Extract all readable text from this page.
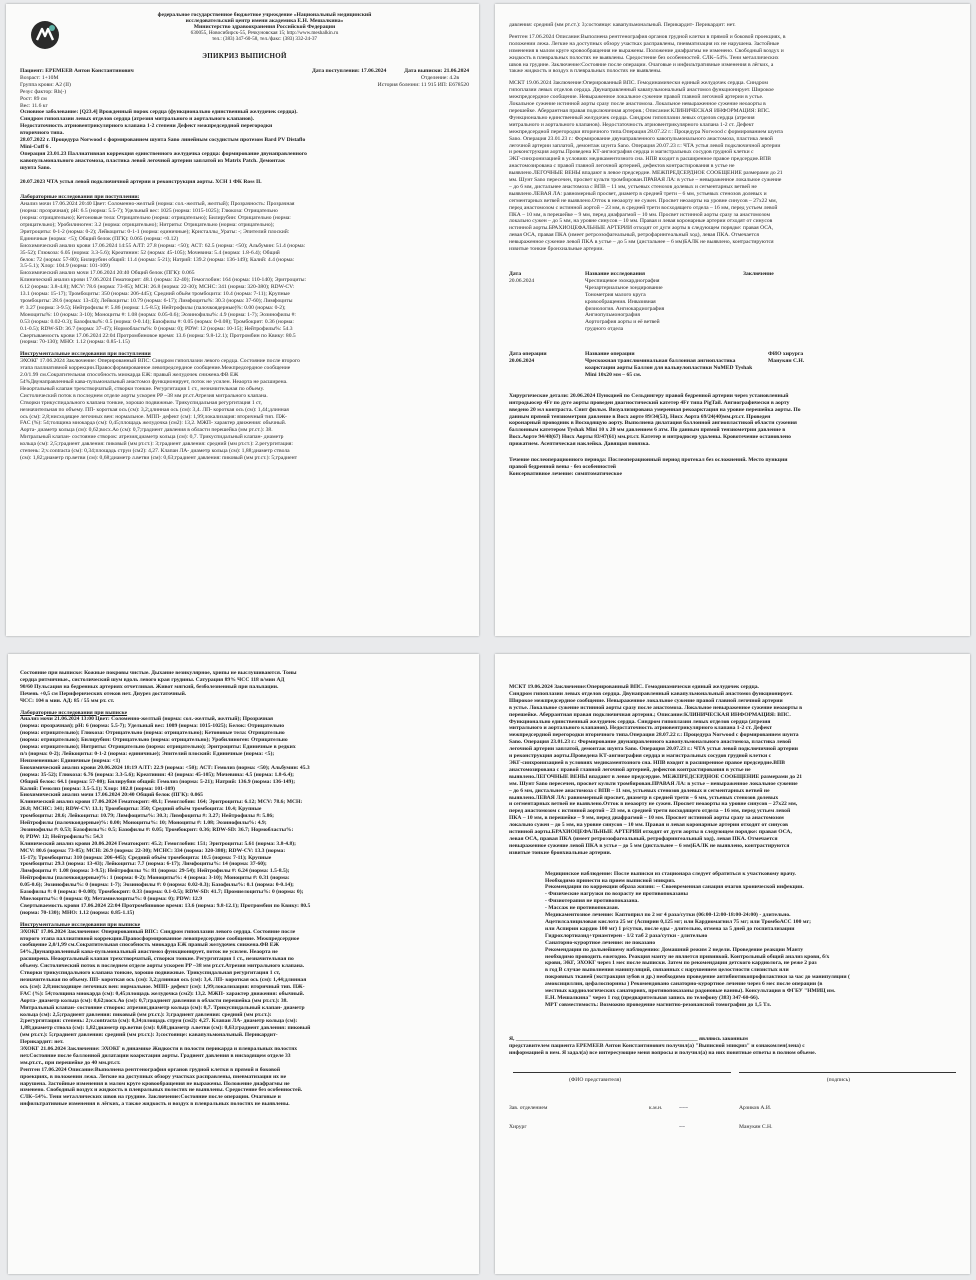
федеральное государственное бюджетное учреждение «Национальный медицинский
исследовательский центр имени академика Е.Н. Мешалкина»
Министерство здравоохранения Российской Федерации
630055, Новосибирск-55, Речкуновская 15; http://www.meshalkin.ru
тел.: (383) 347-60-58, тел./факс: (383) 332-24-37
ЭПИКРИЗ ВЫПИСНОЙ
Пациент: ЕРЕМЕЕВ Антон Константинович	Дата поступления: 17.06.2024	Дата выписки: 21.06.2024
Возраст: 1+10М	Отделение: 4.2в
Группа крови: A2 (II)	История болезни: 11 915 ИП: Е678520
Резус фактор: Rh(-)
Рост: 89 см
Вес: 11.6 кг
Основное заболевание: [Q23.4] Врожденный порок сердца (функционально единственный желудочек сердца).
Синдром гипоплазии левых отделов сердца (атрезия митрального и аортального клапанов).
Недостаточность атриовентрикулярного клапана 1-2 степени Дефект межпредсердной перегородки
вторичного типа.
28.07.2022 г. Процедура Norwood с формированием шунта Sano линейным сосудистым протезом Bard PV Distaflo
Mini-Cuff 6 .
Операция 23.01.23 Паллиативная коррекция единственного желудочка сердца: формирование двунаправленного
кавопульмонального анастомоза, пластика левой легочной артерии заплатой из Matrix Patch. Демонтаж
шунта Sano.

20.07.2023 ЧТА устья левой подключичной артерии и реконструкция аорты. ХСН 1 ФК Ross II.
Лабораторные исследования при поступлении:
Анализ мочи 17.06.2024 20:40 Цвет: Соломенно-желтый (норма: сол.-желтый, желтый); Прозрачность: Прозрачная
(норма: прозрачная); pH: 6.5 (норма: 5.5-7); Удельный вес: 1025 (норма: 1015-1025); Глюкоза: Отрицательно
(норма: отрицательно); Кетоновые тела: Отрицательно (норма: отрицательно); Билирубин: Отрицательно (норма:
отрицательно); Уробилиноген: 3.2 (норма: отрицательно); Нитриты: Отрицательно (норма: отрицательно);
Эритроциты: 0-1-2 (норма: 0-2); Лейкоциты: 0-1-1 (норма: единичные); Кристаллы_Ураты: -; Эпителий плоский:
Единичные (норма: <5); Общий белок (ПГК): 0.065 (норма: <0.12)
Биохимический анализ крови 17.06.2024 14:55 АЛТ: 27.8 (норма: <50); АСТ: 62.5 (норма: <50); Альбумин: 51.4 (норма:
35-52); Глюкоза: 6.05 (норма: 3.3-5.6); Креатинин: 52 (норма: 45-105); Мочевина: 5.4 (норма: 1.8-6.4); Общий
белок: 72 (норма: 57-80); Билирубин общий: 11.4 (норма: 5-21); Натрий: 139.2 (норма: 136-149); Калий: 4.4 (норма:
3.5-5.1); Хлор: 104.9 (норма: 101-109)
Биохимический анализ мочи 17.06.2024 20:40 Общий белок (ПГК): 0.065
Клинический анализ крови 17.06.2024 Гематокрит: 48.1 (норма: 32-40); Гемоглобин: 164 (норма: 110-140); Эритроциты:
6.12 (норма: 3.8-4.8); MCV: 78.6 (норма: 73-85); MCH: 26.8 (норма: 22-30); MCHC: 341 (норма: 320-380); RDW-CV:
13.1 (норма: 15-17); Тромбоциты: 350 (норма: 206-445); Средний объём тромбоцита: 10.4 (норма: 7-11); Крупные
тромбоциты: 28.6 (норма: 13-43); Лейкоциты: 10.79 (норма: 6-17); Лимфоциты%: 30.3 (норма: 37-60); Лимфоциты
#: 3.27 (норма: 3-9.5); Нейтрофилы #: 5.86 (норма: 1.5-8.5); Нейтрофилы (палочкоядерные)%: 0.00 (норма: 0-2);
Моноциты%: 10 (норма: 3-10); Моноциты #: 1.08 (норма: 0.05-0.6); Эозинофилы%: 4.9 (норма: 1-7); Эозинофилы #:
0.53 (норма: 0.02-0.3); Базофилы%: 0.5 (норма: 0-0.14); Базофилы #: 0.05 (норма: 0-0.08); Тромбокрит: 0.36 (норма:
0.1-0.5); RDW-SD: 36.7 (норма: 37-47); Нормобласты%: 0 (норма: 0); PDW: 12 (норма: 10-15); Нейтрофилы%: 54.3
Свертываемость крови 17.06.2024 22:04 Протромбиновое время: 13.6 (норма: 9.8-12.1); Протромбин по Квику: 80.5
(норма: 70-130); МНО: 1.12 (норма: 0.85-1.15)
Инструментальные исследования при поступлении
ЭХОКГ 17.06.2024 Заключение: Оперированный ВПС: Синдром гипоплазии левого сердца. Состояние после второго
этапа паллиативной коррекции.Правосформированное левопредсердное сообщение.Межпредсердное сообщение
2.0/1.99 см.Сократительная способность миокарда ЕЖ: правый желудочек снижена.ФВ ЕЖ
54%Двунаправленный кава-пульмональный анастомоз функционирует, поток не усилен. Неаорта не расширена.
Неаортальный клапан трехстворчатый, створки тонкие. Регургитация 1 ст., незначительная по объему.
Систолический поток в последнем отделе аорты ускорен PP ~38 мм рт.ст.Атрезия митрального клапана.
Створки трикуспидального клапана тонкие, хорошо подвижные. Трикуспидальная регургитация 1 ст,
незначительная по объему. ПП- короткая ось (см): 3,2;длинная ось (см): 3,4. ЛП- короткая ось (см): 1,44;длинная
ось (см): 2,8;нисходящее легочных вен: нормальное. МПП- дефект (см): 1,99;локализация: вторичный тип. ПЖ-
FAC (%): 54;толщина миокарда (см): 0,45;площадь желудочка (см2): 13,2. МЖП- характер движения: обычный.
Аорта- диаметр кольца (см): 0,62;восх.Ао (см): 0,7;градиент давления в области перешейка (мм рт.ст.): 38.
Митральный клапан- состояние створок: атрезия;диаметр кольца (см): 0,7. Трикуспидальный клапан- диаметр
кольца (см): 2,5;градиент давления: пиковый (мм рт.ст.): 3;градиент давления: средний (мм рт.ст.): 2.регургитация:
степень: 2;v.contracta (см): 0,34;площадь струи (см2): 4,27. Клапан ЛА- диаметр кольца (см): 1,88;диаметр ствола
(см): 1,82;диаметр пр.ветви (см): 0,68;диаметр л.ветви (см): 0,63;градиент давления: пиковый (мм рт.ст.): 5;градиент
давления: средний (мм рт.ст.): 3;соcтоянце: кавапульмональный. Перикардит- Перикардит: нет.
Рентген 17.06.2024 Описание:Выполнена рентгенография органов грудной клетки в прямой и боковой проекциях, в
положении лежа. Легкие на доступных обзору участках расправлены, пневматизация их не нарушена. Застойные
изменения в малом круге кровообращения не выражены. Положение диафрагмы не изменено. Свободный воздух и
жидкость в плевральных полостях не выявлены. Средостение без особенностей. СЛК~54%. Тени металлических
швов на грудине. Заключение:Состояние после операции. Очаговые и инфильтративные изменения в лёгких, а
также жидкость и воздух в плевральных полостях не выявлены.
МСКТ 19.06.2024 Заключение:Оперированный ВПС. Гемодинамически единый желудочек сердца. Синдром
гипоплазии левых отделов сердца. Двунаправленный кавапульмональный анастомоз функционирует. Широкое
межпредсердное сообщение. Невыраженное локальное сужение правой главной легочной артерии в устье.
Локальное сужение истинной аорты сразу после анастомоза. Локальное невыраженное сужение неоаорты в
перешейке. Аберрантная правая подключичная артерия.; Описание:КЛИНИЧЕСКАЯ ИНФОРМАЦИЯ: ВПС.
Функционально единственный желудочек сердца. Синдром гипоплазии левых отделов сердца (атрезия
митрального и аортального клапанов). Недостаточность атриовентрикулярного клапана 1-2 ст. Дефект
межпредсердной перегородки вторичного типа.Операция 28.07.22 г.: Процедура Norwood с формированием шунта
Sano. Операция 23.01.23 г.: Формирование двунаправленного кавопульмонального анастомоза, пластика левой
легочной артерии заплатой, демонтаж шунта Sano. Операция 20.07.23 г.: ЧТА устья левой подключичной артерии
и реконструкция аорты.Проведена КТ-ангиография сердца и магистральных сосудов грудной клетки с
ЭКГ-синхронизацией в условиях медикаментозного сна. НПВ входит в расширенное правое предсердие.ВПВ
анастомозирована с правой главной легочной артерией, дефектов контрастирования в устье не
выявлено.ЛЕГОЧНЫЕ ВЕНЫ впадают в левое предсердие. МЕЖПРЕДСЕРДНОЕ СООБЩЕНИЕ размерами до 21
мм. Шунт Sano пересечен, просвет культи тромбирован.ПРАВАЯ ЛА: в устье – невыраженное локальное сужение
– до 6 мм, дистальнее анастомоза с ВПВ – 11 мм, устьевых стенозов долевых и сегментарных ветвей не
выявлено.ЛЕВАЯ ЛА: равномерный просвет, диаметр в средней трети – 6 мм, устьевых стенозов долевых и
сегментарных ветвей не выявлено.Отток в неоаорту не сужен. Просвет неоаорты на уровне синусов – 27х22 мм,
перед анастомозом с истинной аортой – 23 мм, в средней трети восходящего отдела – 16 мм, перед устьем левой
ПКА – 10 мм, в перешейке – 9 мм, перед диафрагмой – 10 мм. Просвет истинной аорты сразу за анастомозом
локально сужен – до 5 мм, на уровне синусов – 10 мм. Правая и левая коронарные артерии отходят от синусов
истинной аорты.БРАХИОЦЕФАЛЬНЫЕ АРТЕРИИ отходят от дуги аорты в следующем порядке: правая ОСА,
левая ОСА, правая ПКА (имеет ретроэзофагеальный, ретрофарингеальный ход), левая ПКА. Отмечается
невыраженное сужение левой ПКА в устье – до 5 мм (дистальнее – 6 мм)БАЛК не выявлено, контрастируются
извитые тонкие бронхиальные артерии.
Дата	Название исследования	Заключение
20.06.2024	Чреспищевое эхокардиография
Чрезартериальное зондирование
Тонометрия малого круга
кровообращения. Инвазивная
физиология. Ангиокардиография
Ангиопульмонография
Аортография аорты и её ветвей
грудного отдела
Дата операции	Название операции	ФИО хирурга
20.06.2024	Чрескожная транслюминальная баллонная ангиопластика
коарктации аорты Баллон для вальвулопластики NuMED Tyshak
Mini 10x20 мм – 65 см.
Манукян С.Н.
Хирургические детали: 20.06.2024 Пункцией по Сельдингеру правой бедренной артерии через установленный
интродьюсер 4Fr по дуге аорты проведен диагностический катетер 4Fr типа PigTail. Ангиографически в аорту
введено 20 мл контраста. Синт фильм. Визуализирована умеренная рекоарктация на уровне перешейка аорты. По
данным прямой тензиометрии давление в Восх аорте 89/34(53), Нисх Аорта 69/24(40)мм.рт.ст. Проведен
коронарный проводник в Восходящую аорту. Выполнена дилатация баллонной ангиопластикой области сужения
баллонным катетером Tyshak Mini 10 x 20 мм давлением 6 атм. По данным прямой тензиометрии давление в
Восх.Аорте 94/48(67) Нисх Аорты 83/47(61) мм.рт.ст. Катетер и интродюсер удалены. Кровотечение остановлено
прижатием. Асептическая наклейка. Давящая повязка.
Течение послеоперационного периода: Послеоперационный период протекал без осложнений. Место пункции
правой бедренной вены - без особенностей
Консервативное лечение: симптоматическое
Состояние при выписке: Кожные покровы чистые. Дыхание везикулярное, хрипы не выслушиваются. Тоны
сердца ритмичные., систолический шум вдоль левого края грудины. Сатурация 89% ЧСС 118 в/мин АД
90/60 Пульсация на бедренных артериях отчетливая. Живот мягкий, безболезненный при пальпации.
Печень +0,5 см Периферических отеков нет. Диурез достаточный.
ЧСС: 104 в мин. АД: 85 / 55 мм рт. ст.
Лабораторные исследования при выписке
Анализ мочи 21.06.2024 13:00 Цвет: Соломенно-желтый (норма: сол.-желтый, желтый); Прозрачная
(норма: прозрачная); pH: 6 (норма: 5.5-7); Удельный вес: 1009 (норма: 1015-1025); Белок: Отрицательно
(норма: отрицательно); Глюкоза: Отрицательно (норма: отрицательно); Кетоновые тела: Отрицательно
(норма: отрицательно); Билирубин: Отрицательно (норма: отрицательно); Уробилиноген: Отрицательно
(норма: отрицательно); Нитриты: Отрицательно (норма: отрицательно); Эритроциты: Единичные в редких
п/з (норма: 0-2); Лейкоциты: 0-1-2 (норма: единичные); Эпителий плоский: Единичные (норма: <5);
Неизмененные: Единичные (норма: <1)
Биохимический анализ крови 20.06.2024 18:19 АЛТ: 22.9 (норма: <50); АСТ: Гемолиз (норма: <50); Альбумин: 45.3
(норма: 35-52); Глюкоза: 6.76 (норма: 3.3-5.6); Креатинин: 43 (норма: 45-105); Мочевина: 4.5 (норма: 1.8-6.4);
Общий белок: 64.1 (норма: 57-80); Билирубин общий: Гемолиз (норма: 5-21); Натрий: 136.9 (норма: 136-149);
Калий: Гемолиз (норма: 3.5-5.1); Хлор: 102.8 (норма: 101-109)
Биохимический анализ мочи 17.06.2024 20:40 Общий белок (ПГК): 0.065
Клинический анализ крови 17.06.2024 Гематокрит: 48.1; Гемоглобин: 164; Эритроциты: 6.12; MCV: 78.6; MCH:
26.8; MCHC: 341; RDW-CV: 13.1; Тромбоциты: 350; Средний объём тромбоцита: 10.4; Крупные
тромбоциты: 28.6; Лейкоциты: 10.79; Лимфоциты%: 30.3; Лимфоциты #: 3.27; Нейтрофилы #: 5.86;
Нейтрофилы (палочкоядерные)%: 0.00; Моноциты%: 10; Моноциты #: 1.08; Эозинофилы%: 4.9;
Эозинофилы #: 0.53; Базофилы%: 0.5; Базофилы #: 0.05; Тромбокрит: 0.36; RDW-SD: 36.7; Нормобласты%:
0; PDW: 12; Нейтрофилы%: 54.3
Клинический анализ крови 20.06.2024 Гематокрит: 45.2; Гемоглобин: 151; Эритроциты: 5.61 (норма: 3.8-4.8);
MCV: 80.6 (норма: 73-85); MCH: 26.9 (норма: 22-30); MCHC: 334 (норма: 320-380); RDW-CV: 13.3 (норма:
15-17); Тромбоциты: 310 (норма: 206-445); Средний объём тромбоцита: 10.5 (норма: 7-11); Крупные
тромбоциты: 29.3 (норма: 13-43); Лейкоциты: 7.7 (норма: 6-17); Лимфоциты%: 14 (норма: 37-60);
Лимфоциты #: 1.08 (норма: 3-9.5); Нейтрофилы %: 81 (норма: 29-54); Нейтрофилы #: 6.24 (норма: 1.5-8.5);
Нейтрофилы (палочкоядерные)%: 1 (норма: 0-2); Моноциты%: 4 (норма: 3-10); Моноциты #: 0.31 (норма:
0.05-0.6); Эозинофилы%: 0 (норма: 1-7); Эозинофилы #: 0 (норма: 0.02-0.3); Базофилы%: 0.1 (норма: 0-0.14);
Базофилы #: 0 (норма: 0-0.08); Тромбокрит: 0.33 (норма: 0.1-0.5); RDW-SD: 41.7; Промиелоциты%: 0 (норма: 0);
Миелоциты%: 0 (норма: 0); Метамиелоциты%: 0 (норма: 0); PDW: 12.9
Свертываемость крови 17.06.2024 22:04 Протромбиновое время: 13.6 (норма: 9.8-12.1); Протромбин по Квику: 80.5
(норма: 70-130); МНО: 1.12 (норма: 0.85-1.15)
Инструментальные исследования при выписке
ЭХОКГ 17.06.2024 Заключение: Оперированный ВПС: Синдром гипоплазии левого сердца. Состояние после
второго этапа паллиативной коррекции.Правосформированное левопредсердное сообщение. Межпредсердное
сообщение 2,0/1,99 см.Сократительная способность миокарда ЕЖ правый желудочек снижена.ФВ ЕЖ
54%.Двунаправленный кава-пульмональный анастомоз функционирует, поток не усилен. Неаорта не
расширена. Неаортальный клапан трехстворчатый, створки тонкие. Регургитация 1 ст., незначительная по
объему. Систолический поток в последнем отделе аорты ускорен PP ~38 мм рт.ст.Атрезия митрального клапана.
Створки трикуспидального клапана тонкие, хорошо подвижные. Трикуспидальная регургитация 1 ст,
незначительная по объему. ПП- короткая ось (см): 3,2;длинная ось (см): 3,4. ЛП- короткая ось (см): 1,44;длинная
ось (см): 2,8;нисходящее легочных вен: нормальное. МПП- дефект (см): 1,99;локализация: вторичный тип. ПЖ-
FAC (%): 54;толщина миокарда (см): 0,45;площадь желудочка (см2): 13,2. МЖП- характер движения: обычный.
Аорта- диаметр кольца (см): 0,62;восх.Ао (см): 0,7;градиент давления в области перешейка (мм рт.ст.): 38.
Митральный клапан- состояние створок: атрезия;диаметр кольца (см): 0,7. Трикуспидальный клапан- диаметр
кольца (см): 2,5;градиент давления: пиковый (мм рт.ст.): 3;градиент давления: средний (мм рт.ст.):
2;регургитация: степень: 2;v.contracta (см): 0,34;площадь струи (см2): 4,27. Клапан ЛА- диаметр кольца (см):
1,88;диаметр ствола (см): 1,82;диаметр пр.ветви (см): 0,68;диаметр л.ветви (см): 0,63;градиент давления: пиковый
(мм рт.ст.): 5;градиент давления: средний (мм рт.ст.): 3;соcтоянце: кавапульмональный. Перикардит-
Перикардит: нет.
ЭХОКГ 21.06.2024 Заключение: ЭХОКГ в динамике Жидкости в полости перикарда и плевральных полостях
нет.Состояние после баллонной дилатации коарктации аорты. Градиент давления в нисходящем отделе 33
мм.рт.ст., при перешейке до 40 мм.рт.ст.
Рентген 17.06.2024 Описание:Выполнена рентгенография органов грудной клетки в прямой и боковой
проекциях, в положении лежа. Легкие на доступных обзору участках расправлены, пневматизация их не
нарушена. Застойные изменения в малом круге кровообращения не выражены. Положение диафрагмы не
изменено. Свободный воздух и жидкость в плевральных полостях не выявлены. Средостение без особенностей.
СЛК~54%. Тени металлических швов на грудине. Заключение:Состояние после операции. Очаговые и
инфильтративные изменения в лёгких, а также жидкость и воздух в плевральных полостях не выявлены.
МСКТ 19.06.2024 Заключение:Оперированный ВПС. Гемодинамически единый желудочек сердца.
Синдром гипоплазии левых отделов сердца. Двунаправленный кавапульмональный анастомоз функционирует.
Широкое межпредсердное сообщение. Невыраженное локальное сужение правой главной легочной артерии
в устье. Локальное сужение истинной аорты сразу после анастомоза. Локальное невыраженное сужение неоаорты в
перешейке. Аберрантная правая подключичная артерия.; Описание:КЛИНИЧЕСКАЯ ИНФОРМАЦИЯ: ВПС.
Функционально единственный желудочек сердца. Синдром гипоплазии левых отделов сердца (атрезия
митрального и аортального клапанов). Недостаточность атриовентрикулярного клапана 1-2 ст. Дефект
межпредсердной перегородки вторичного типа.Операция 28.07.22 г.: Процедура Norwood с формированием шунта
Sano. Операция 23.01.23 г.: Формирование двунаправленного кавопульмонального анастомоза, пластика левой
легочной артерии заплатой, демонтаж шунта Sano. Операция 20.07.23 г.: ЧТА устья левой подключичной артерии
и реконструкция аорты.Проведена КТ-ангиография сердца и магистральных сосудов грудной клетки с
ЭКГ-синхронизацией в условиях медикаментозного сна. НПВ входит в расширенное правое предсердие.ВПВ
анастомозирована с правой главной легочной артерией, дефектов контрастирования в устье не
выявлено.ЛЕГОЧНЫЕ ВЕНЫ впадают в левое предсердие. МЕЖПРЕДСЕРДНОЕ СООБЩЕНИЕ размерами до 21
мм. Шунт Sano пересечен, просвет культи тромбирован.ПРАВАЯ ЛА: в устье – невыраженное локальное сужение
– до 6 мм, дистальнее анастомоза с ВПВ – 11 мм, устьевых стенозов долевых и сегментарных ветвей не
выявлено.ЛЕВАЯ ЛА: равномерный просвет, диаметр в средней трети – 6 мм, устьевых стенозов долевых
и сегментарных ветвей не выявлено.Отток в неоаорту не сужен. Просвет неоаорты на уровне синусов – 27х22 мм,
перед анастомозом с истинной аортой – 23 мм, в средней трети восходящего отдела – 16 мм, перед устьем левой
ПКА – 10 мм, в перешейке – 9 мм, перед диафрагмой – 10 мм. Просвет истинной аорты сразу за анастомозом
локально сужен – до 5 мм, на уровне синусов – 10 мм. Правая и левая коронарные артерии отходят от синусов
истинной аорты.БРАХИОЦЕФАЛЬНЫЕ АРТЕРИИ отходят от дуги аорты в следующем порядке: правая ОСА,
левая ОСА, правая ПКА (имеет ретроэзофагеальный, ретрофарингеальный ход), левая ПКА. Отмечается
невыраженное сужение левой ПКА в устье – до 5 мм (дистальнее – 6 мм)БАЛК не выявлено, контрастируются
извитые тонкие бронхиальные артерии.
Медицинское наблюдение: После выписки из стационара следует обратиться к участковому врачу.
Необходимо принести на прием выписной эпикриз.
Рекомендации по коррекции образа жизни: -- Своевременная санация очагов хронической инфекции.
- Физические нагрузки по возрасту не противопоказаны
- Физиотерапия не противопоказана.
- Массаж не противопоказан.
Медикаментозное лечение: Каптоприл по 2 мг 4 раза/сутки (06:00-12:00-18:00-24:00) - длительно.
Ацетилсалициловая кислота 25 мг (Аспирин 0,125 мг; или Кардиомагнил 75 мг; или ТромбоАСС 100 мг;
или Аспирин кардио 100 мг) 1 р/сутки, после еды - длительно, отмена за 5 дней до госпитализации
Гидрохлортиазид+триамтерен - 1/2 таб 2 раза/сутки - длительно
Санаторно-курортное лечение: не показано
Рекомендации по дальнейшему наблюдению: Домашний режим 2 недели. Проведение реакции Манту
необходимо проводить ежегодно. Реакция манту не является прививкой. Контрольный общий анализ крови, б/х
крови, ЭКГ, ЭХОКГ через 1 мес после выписки. Затем по рекомендации детского кардиолога, не реже 2 раз
в год В случае выполнения манипуляций, связанных с нарушением целостности слизистых или
покровных тканей (экстракция зубов и др.) необходимо проведение антибиотикопрофилактики за час до манипуляции (
амоксициллин, цефалоспорины ) Рекомендовано санаторно-курортное лечение через 6 мес после операции (в
местных кардиологических санаториях, противопоказаны радоновые ванны). Консультация в ФГБУ "НМИЦ им.
Е.Н. Мешалкина" через 1 год (предварительная запись по телефону (383) 347-60-66).
МРТ совместимость: Возможно проведение магнитно-резонансной томографии до 1,5 Тл.
Я, _________________________________________________________________ являюсь законным
представителем пациента ЕРЕМЕЕВ Антон Константинович получил(а) "Выписной эпикриз" и ознакомлен(лена) с
информацией в нем. Я задал(а) все интересующие меня вопросы и получил(а) на них понятные ответы в полном объеме.
(ФИО представителя)	(подпись)
Зав. отделением	к.м.н.	~~~	Арзиков А.И.
Хирург	~~	Манукян С.Н.
